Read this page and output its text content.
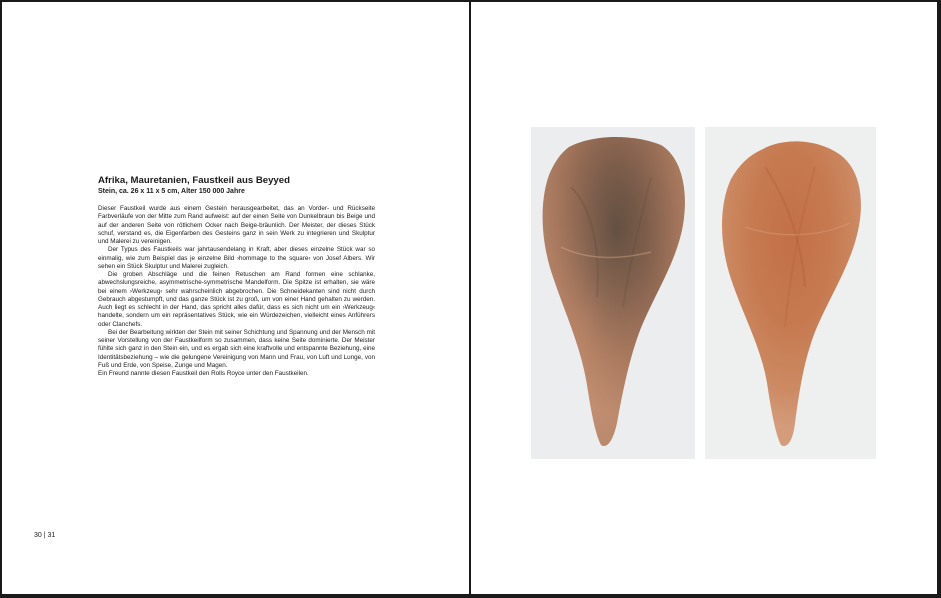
Afrika, Mauretanien, Faustkeil aus Beyyed
Stein, ca. 26 x 11 x 5 cm, Alter 150 000 Jahre

Dieser Faustkeil wurde aus einem Gestein herausgearbeitet, das an Vorder- und Rückseite Farbverläufe von der Mitte zum Rand aufweist: auf der einen Seite von Dunkelbraun bis Beige und auf der anderen Seite von rötlichem Ocker nach Beige-bräunlich. Der Meister, der dieses Stück schuf, verstand es, die Eigenfarben des Gesteins ganz in sein Werk zu integrieren und Skulptur und Malerei zu vereinigen.

Der Typus des Faustkeils war jahrtausendelang in Kraft, aber dieses einzelne Stück war so einmalig, wie zum Beispiel das je einzelne Bild ›hommage to the square‹ von Josef Albers. Wir sehen ein Stück Skulptur und Malerei zugleich.

Die groben Abschläge und die feinen Retuschen am Rand formen eine schlanke, abwechslungsreiche, asymmetrische-symmetrische Mandelform. Die Spitze ist erhalten, sie wäre bei einem ›Werkzeug‹ sehr wahrscheinlich abgebrochen. Die Schneidekanten sind nicht durch Gebrauch abgestumpft, und das ganze Stück ist zu groß, um von einer Hand gehalten zu werden. Auch liegt es schlecht in der Hand, das spricht alles dafür, dass es sich nicht um ein ›Werkzeug‹ handelte, sondern um ein repräsentatives Stück, wie ein Würdezeichen, vielleicht eines Anführers oder Clanchefs.

Bei der Bearbeitung wirkten der Stein mit seiner Schichtung und Spannung und der Mensch mit seiner Vorstellung von der Faustkeilform so zusammen, dass keine Seite dominierte. Der Meister fühlte sich ganz in den Stein ein, und es ergab sich eine kraftvolle und entspannte Beziehung, eine Identitätsbeziehung – wie die gelungene Vereinigung von Mann und Frau, von Luft und Lunge, von Fuß und Erde, von Speise, Zunge und Magen.

Ein Freund nannte diesen Faustkeil den Rolls Royce unter den Faustkeilen.

30 | 31
